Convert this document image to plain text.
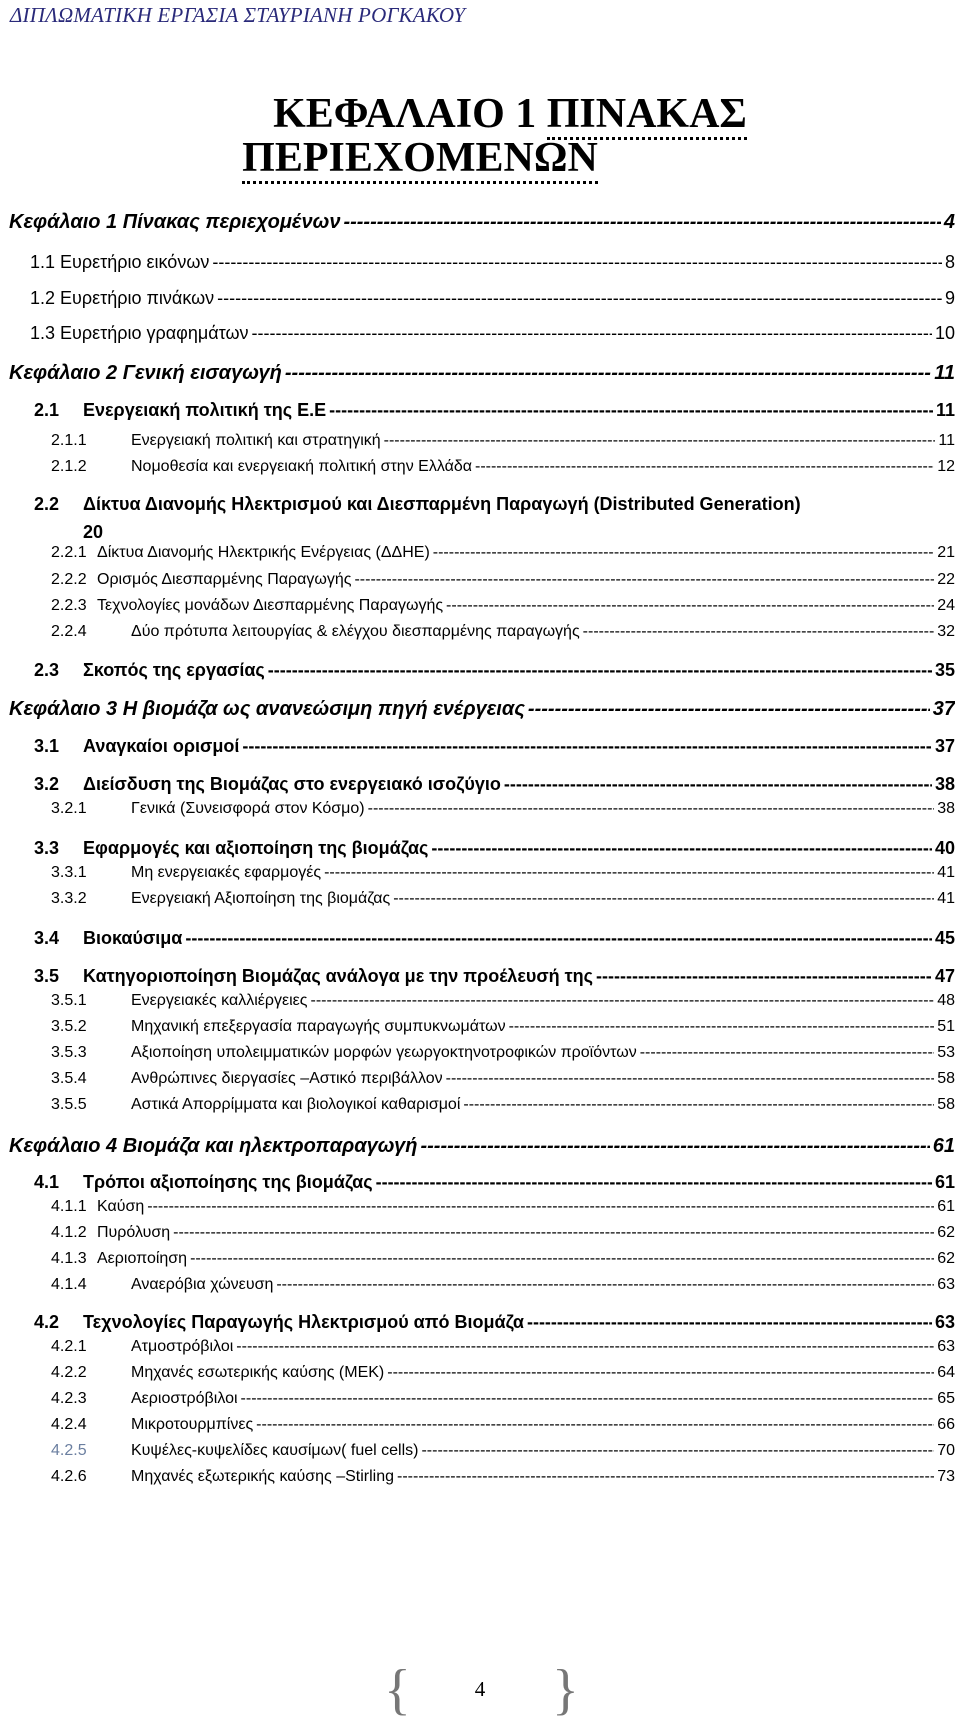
ΔΙΠΛΩΜΑΤΙΚΗ ΕΡΓΑΣΙΑ ΣΤΑΥΡΙΑΝΗ ΡΟΓΚΑΚΟΥ
ΚΕΦΑΛΑΙΟ 1 ΠΙΝΑΚΑΣ
ΠΕΡΙΕΧΟΜΕΝΩΝ
Κεφάλαιο 1 Πίνακας περιεχομένων -----	4
1.1 Ευρετήριο εικόνων -----	8
1.2 Ευρετήριο πινάκων -----	9
1.3 Ευρετήριο γραφημάτων -----	10
Κεφάλαιο 2 Γενική εισαγωγή -----	11
2.1	Ενεργειακή πολιτική της Ε.Ε -----	11
2.1.1	Ενεργειακή πολιτική και στρατηγική -----	11
2.1.2	Νομοθεσία και ενεργειακή πολιτική στην Ελλάδα -----	12
2.2	Δίκτυα Διανομής Ηλεκτρισμού και Διεσπαρμένη Παραγωγή (Distributed Generation)
20
2.2.1 Δίκτυα Διανομής Ηλεκτρικής Ενέργειας (ΔΔΗΕ) -----	21
2.2.2 Ορισμός Διεσπαρμένης Παραγωγής -----	22
2.2.3 Τεχνολογίες μονάδων Διεσπαρμένης Παραγωγής -----	24
2.2.4	Δύο πρότυπα λειτουργίας & ελέγχου διεσπαρμένης παραγωγής -----	32
2.3	Σκοπός της εργασίας -----	35
Κεφάλαιο 3 Η βιομάζα ως ανανεώσιμη πηγή ενέργειας -----	37
3.1	Αναγκαίοι ορισμοί -----	37
3.2	Διείσδυση της Βιομάζας στο ενεργειακό ισοζύγιο -----	38
3.2.1	Γενικά (Συνεισφορά στον Κόσμο) -----	38
3.3	Εφαρμογές και αξιοποίηση της βιομάζας -----	40
3.3.1	Μη ενεργειακές εφαρμογές -----	41
3.3.2	Ενεργειακή Αξιοποίηση της βιομάζας -----	41
3.4	Βιοκαύσιμα -----	45
3.5	Κατηγοριοποίηση Βιομάζας ανάλογα με την προέλευσή της -----	47
3.5.1	Ενεργειακές καλλιέργειες -----	48
3.5.2	Μηχανική επεξεργασία παραγωγής συμπυκνωμάτων -----	51
3.5.3	Αξιοποίηση υπολειμματικών μορφών γεωργοκτηνοτροφικών προϊόντων -----	53
3.5.4	Ανθρώπινες διεργασίες –Αστικό περιβάλλον -----	58
3.5.5	Αστικά Απορρίμματα και βιολογικοί καθαρισμοί -----	58
Κεφάλαιο 4 Βιομάζα και ηλεκτροπαραγωγή -----	61
4.1	Τρόποι αξιοποίησης της βιομάζας -----	61
4.1.1 Καύση -----	61
4.1.2 Πυρόλυση -----	62
4.1.3 Αεριοποίηση -----	62
4.1.4	Αναερόβια χώνευση -----	63
4.2	Τεχνολογίες Παραγωγής Ηλεκτρισμού από Βιομάζα -----	63
4.2.1	Ατμοστρόβιλοι -----	63
4.2.2	Μηχανές εσωτερικής καύσης (ΜΕΚ) -----	64
4.2.3	Αεριοστρόβιλοι -----	65
4.2.4	Μικροτουρμπίνες -----	66
4.2.5	Κυψέλες-κυψελίδες καυσίμων( fuel cells) -----	70
4.2.6	Μηχανές εξωτερικής καύσης –Stirling -----	73
{	}
4
